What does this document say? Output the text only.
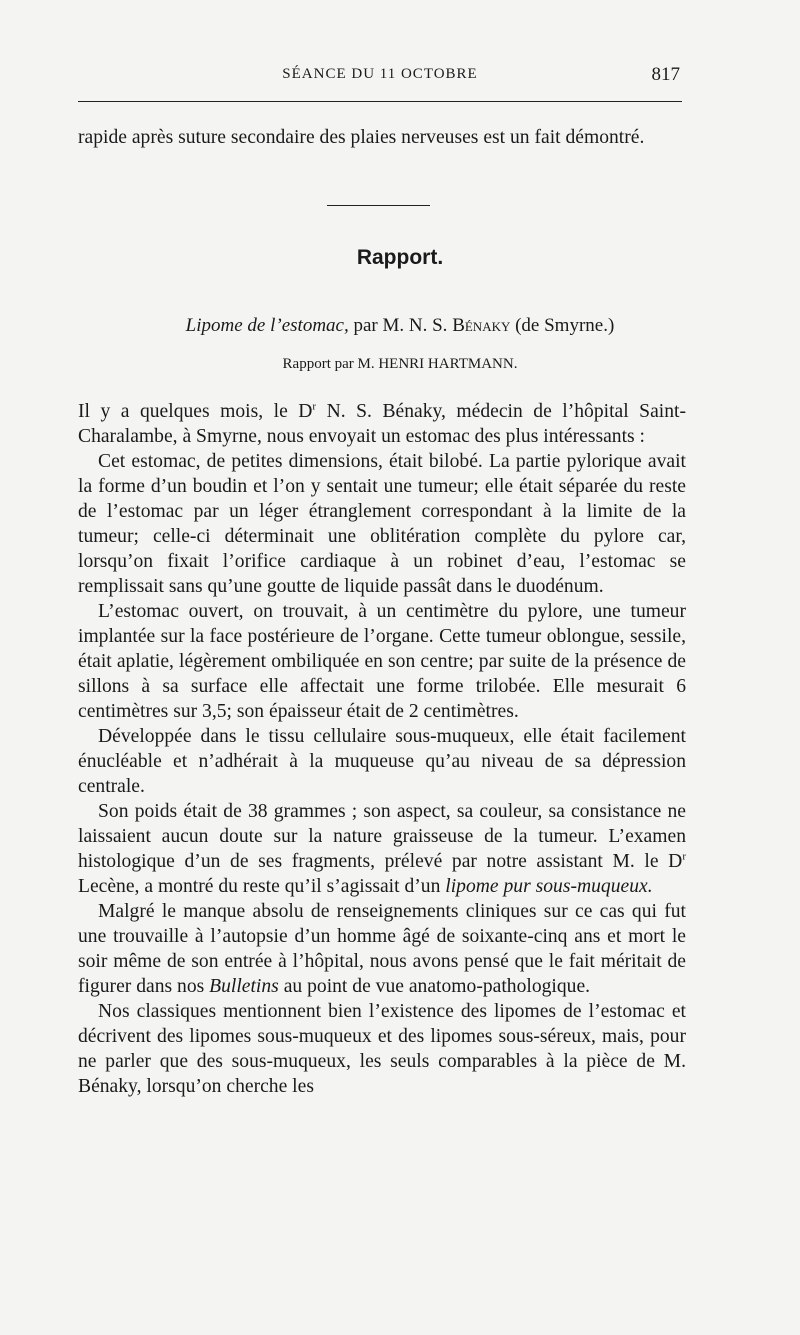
SÉANCE DU 11 OCTOBRE	817

rapide après suture secondaire des plaies nerveuses est un fait démontré.

Rapport.
Lipome de l’estomac, par M. N. S. Bénaky (de Smyrne.)
Rapport par M. HENRI HARTMANN.

Il y a quelques mois, le $D^r$ N. S. Bénaky, médecin de l’hôpital Saint-Charalambe, à Smyrne, nous envoyait un estomac des plus intéressants :

Cet estomac, de petites dimensions, était bilobé. La partie pylorique avait la forme d’un boudin et l’on y sentait une tumeur; elle était séparée du reste de l’estomac par un léger étranglement correspondant à la limite de la tumeur; celle-ci déterminait une oblitération complète du pylore car, lorsqu’on fixait l’orifice cardiaque à un robinet d’eau, l’estomac se remplissait sans qu’une goutte de liquide passât dans le duodénum.

L’estomac ouvert, on trouvait, à un centimètre du pylore, une tumeur implantée sur la face postérieure de l’organe. Cette tumeur oblongue, sessile, était aplatie, légèrement ombiliquée en son centre; par suite de la présence de sillons à sa surface elle affectait une forme trilobée. Elle mesurait 6 centimètres sur 3,5; son épaisseur était de 2 centimètres.

Développée dans le tissu cellulaire sous-muqueux, elle était facilement énucléable et n’adhérait à la muqueuse qu’au niveau de sa dépression centrale.

Son poids était de 38 grammes ; son aspect, sa couleur, sa consistance ne laissaient aucun doute sur la nature graisseuse de la tumeur. L’examen histologique d’un de ses fragments, prélevé par notre assistant M. le $D^r$ Lecène, a montré du reste qu’il s’agissait d’un lipome pur sous-muqueux.

Malgré le manque absolu de renseignements cliniques sur ce cas qui fut une trouvaille à l’autopsie d’un homme âgé de soixante-cinq ans et mort le soir même de son entrée à l’hôpital, nous avons pensé que le fait méritait de figurer dans nos Bulletins au point de vue anatomo-pathologique.

Nos classiques mentionnent bien l’existence des lipomes de l’estomac et décrivent des lipomes sous-muqueux et des lipomes sous-séreux, mais, pour ne parler que des sous-muqueux, les seuls comparables à la pièce de M. Bénaky, lorsqu’on cherche les
